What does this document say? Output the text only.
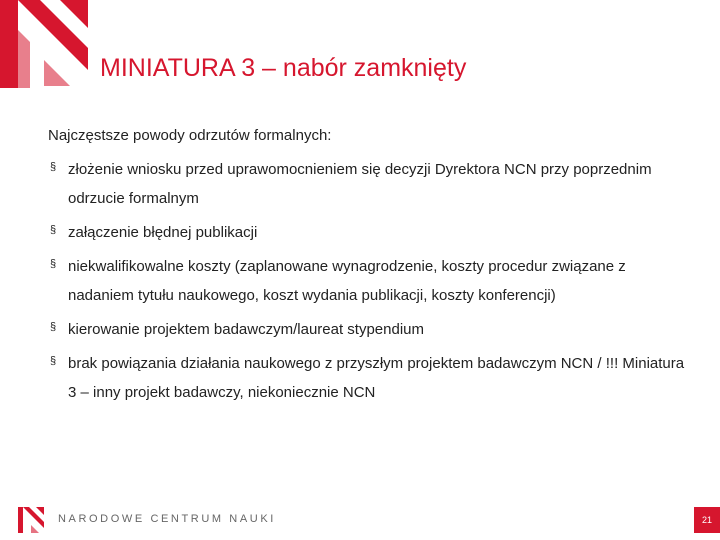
MINIATURA 3 – nabór zamknięty
Najczęstsze powody odrzutów formalnych:
§ złożenie wniosku przed uprawomocnieniem się decyzji Dyrektora NCN przy poprzednim odrzucie formalnym
§ załączenie błędnej publikacji
§ niekwalifikowalne koszty (zaplanowane wynagrodzenie, koszty procedur związane z nadaniem tytułu naukowego, koszt wydania publikacji, koszty konferencji)
§ kierowanie projektem badawczym/laureat stypendium
§ brak powiązania działania naukowego z przyszłym projektem badawczym NCN / !!! Miniatura 3 – inny projekt badawczy, niekoniecznie NCN
NARODOWE CENTRUM NAUKI	21
